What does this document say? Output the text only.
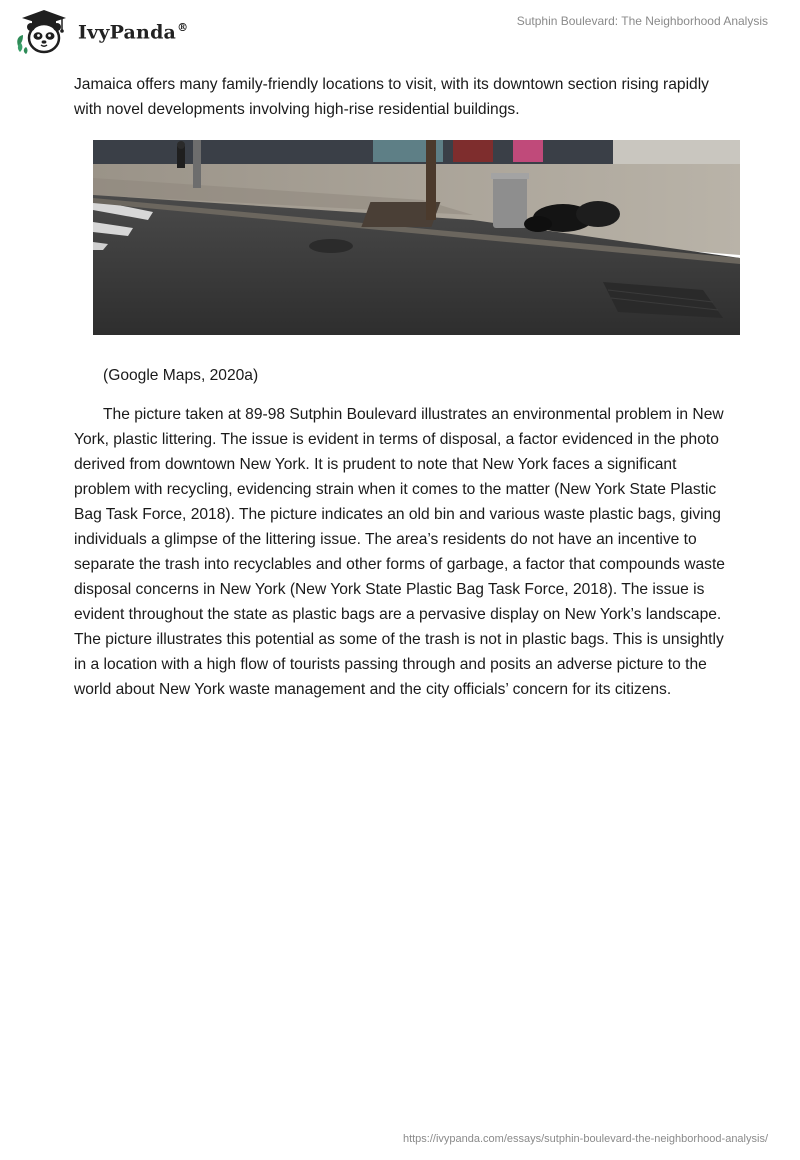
IvyPanda®	Sutphin Boulevard: The Neighborhood Analysis

Jamaica offers many family-friendly locations to visit, with its downtown section rising rapidly with novel developments involving high-rise residential buildings.

(Google Maps, 2020a)

The picture taken at 89-98 Sutphin Boulevard illustrates an environmental problem in New York, plastic littering. The issue is evident in terms of disposal, a factor evidenced in the photo derived from downtown New York. It is prudent to note that New York faces a significant problem with recycling, evidencing strain when it comes to the matter (New York State Plastic Bag Task Force, 2018). The picture indicates an old bin and various waste plastic bags, giving individuals a glimpse of the littering issue. The area’s residents do not have an incentive to separate the trash into recyclables and other forms of garbage, a factor that compounds waste disposal concerns in New York (New York State Plastic Bag Task Force, 2018). The issue is evident throughout the state as plastic bags are a pervasive display on New York’s landscape. The picture illustrates this potential as some of the trash is not in plastic bags. This is unsightly in a location with a high flow of tourists passing through and posits an adverse picture to the world about New York waste management and the city officials’ concern for its citizens.

https://ivypanda.com/essays/sutphin-boulevard-the-neighborhood-analysis/
